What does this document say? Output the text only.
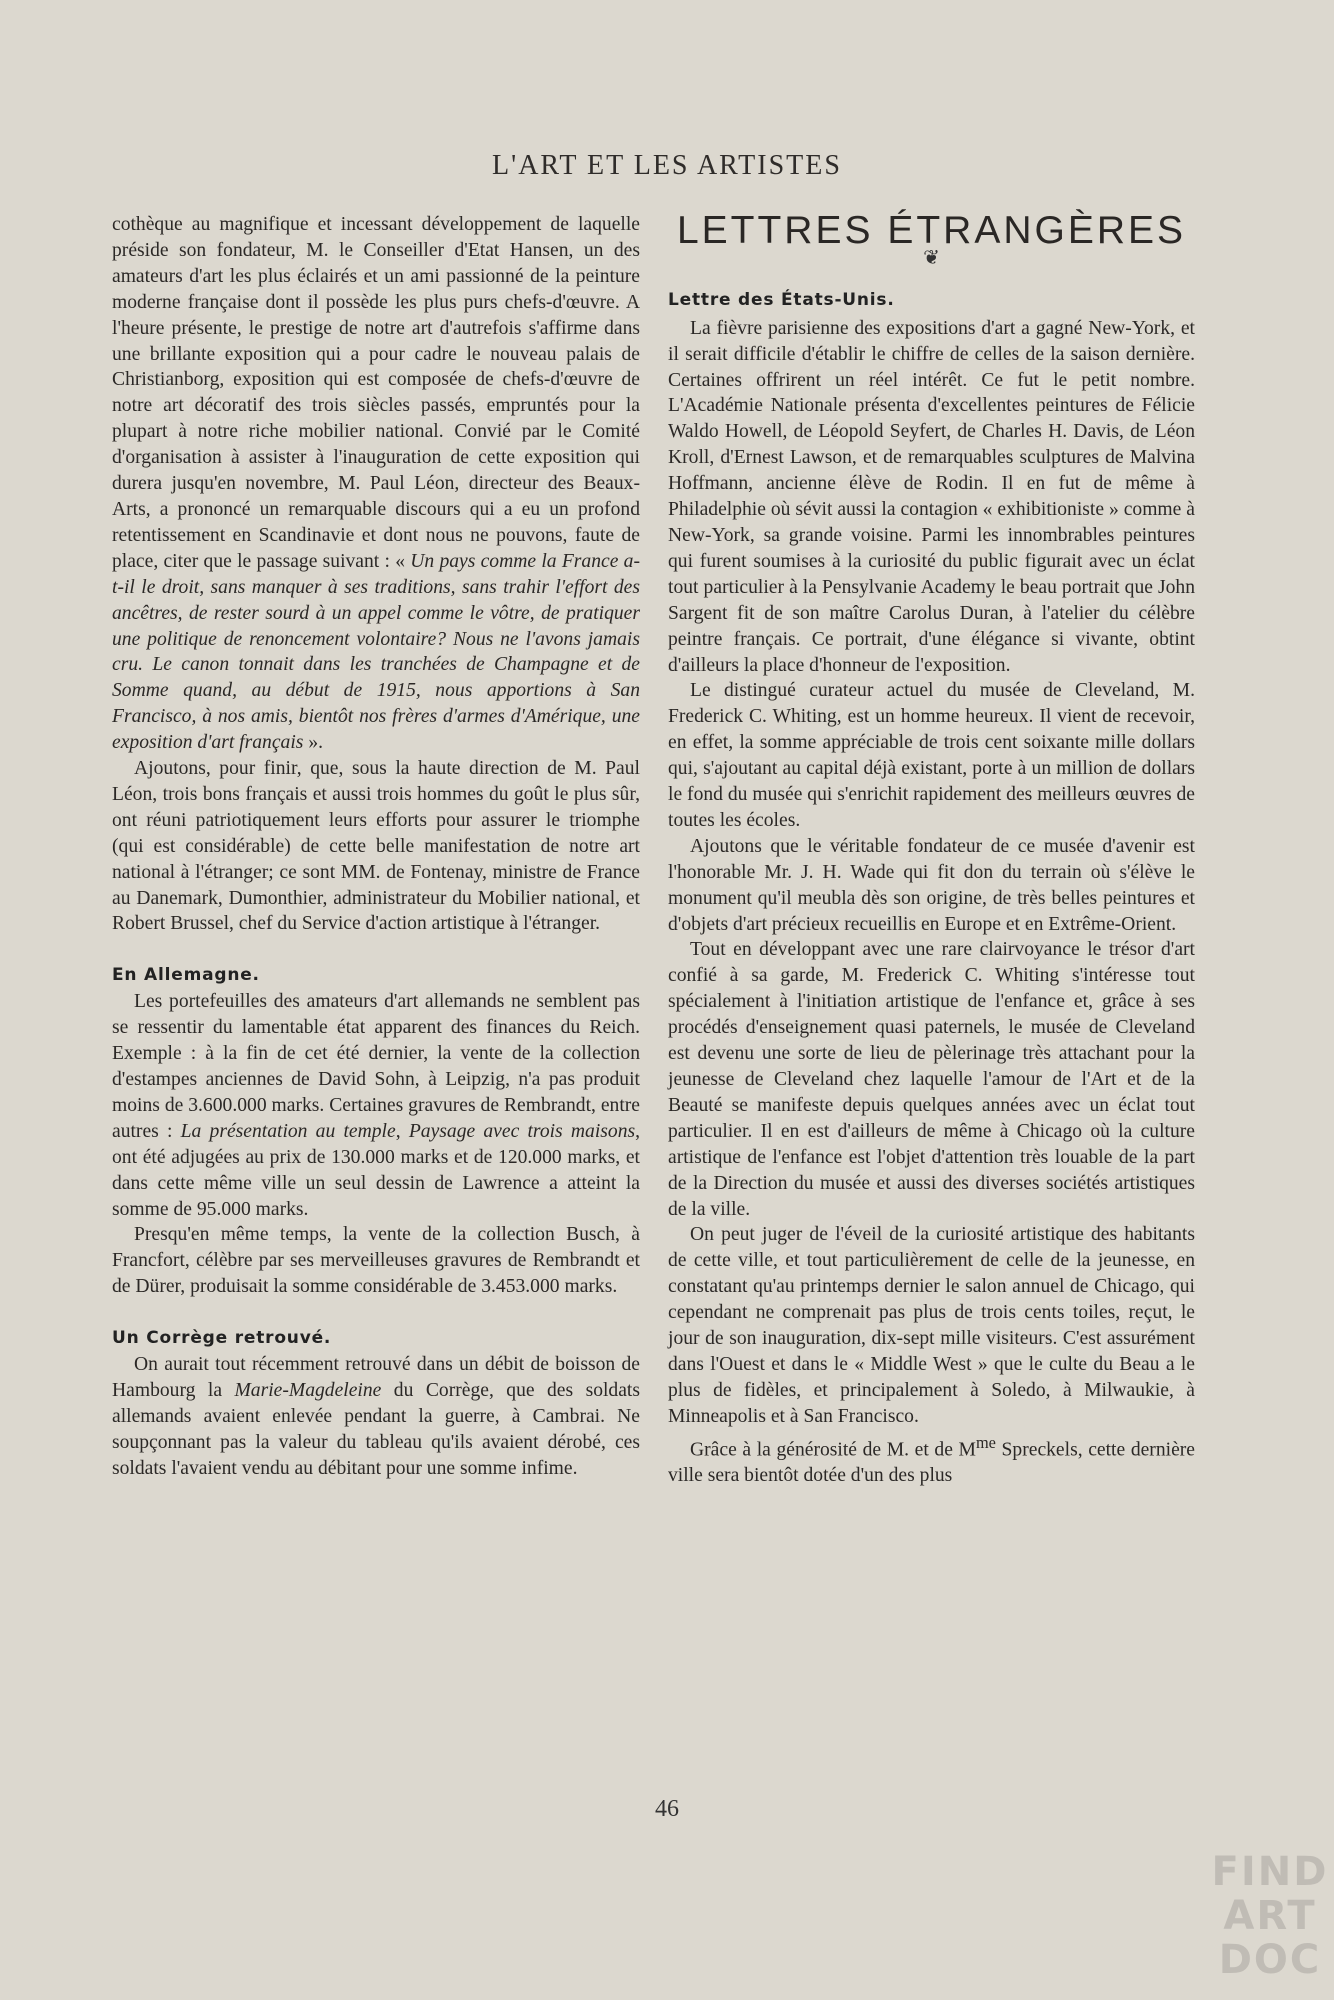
L'ART ET LES ARTISTES

cothèque au magnifique et incessant développement de laquelle préside son fondateur, M. le Conseiller d'Etat Hansen, un des amateurs d'art les plus éclairés et un ami passionné de la peinture moderne française dont il possède les plus purs chefs-d'œuvre. A l'heure présente, le prestige de notre art d'autrefois s'affirme dans une brillante exposition qui a pour cadre le nouveau palais de Christianborg, exposition qui est composée de chefs-d'œuvre de notre art décoratif des trois siècles passés, empruntés pour la plupart à notre riche mobilier national. Convié par le Comité d'organisation à assister à l'inauguration de cette exposition qui durera jusqu'en novembre, M. Paul Léon, directeur des Beaux-Arts, a prononcé un remarquable discours qui a eu un profond retentissement en Scandinavie et dont nous ne pouvons, faute de place, citer que le passage suivant : « Un pays comme la France a-t-il le droit, sans manquer à ses traditions, sans trahir l'effort des ancêtres, de rester sourd à un appel comme le vôtre, de pratiquer une politique de renoncement volontaire? Nous ne l'avons jamais cru. Le canon tonnait dans les tranchées de Champagne et de Somme quand, au début de 1915, nous apportions à San Francisco, à nos amis, bientôt nos frères d'armes d'Amérique, une exposition d'art français ».

Ajoutons, pour finir, que, sous la haute direction de M. Paul Léon, trois bons français et aussi trois hommes du goût le plus sûr, ont réuni patriotiquement leurs efforts pour assurer le triomphe (qui est considérable) de cette belle manifestation de notre art national à l'étranger; ce sont MM. de Fontenay, ministre de France au Danemark, Dumonthier, administrateur du Mobilier national, et Robert Brussel, chef du Service d'action artistique à l'étranger.

En Allemagne.

Les portefeuilles des amateurs d'art allemands ne semblent pas se ressentir du lamentable état apparent des finances du Reich. Exemple : à la fin de cet été dernier, la vente de la collection d'estampes anciennes de David Sohn, à Leipzig, n'a pas produit moins de 3.600.000 marks. Certaines gravures de Rembrandt, entre autres : La présentation au temple, Paysage avec trois maisons, ont été adjugées au prix de 130.000 marks et de 120.000 marks, et dans cette même ville un seul dessin de Lawrence a atteint la somme de 95.000 marks.

Presqu'en même temps, la vente de la collection Busch, à Francfort, célèbre par ses merveilleuses gravures de Rembrandt et de Dürer, produisait la somme considérable de 3.453.000 marks.

Un Corrège retrouvé.

On aurait tout récemment retrouvé dans un débit de boisson de Hambourg la Marie-Magdeleine du Corrège, que des soldats allemands avaient enlevée pendant la guerre, à Cambrai. Ne soupçonnant pas la valeur du tableau qu'ils avaient dérobé, ces soldats l'avaient vendu au débitant pour une somme infime.

LETTRES ÉTRANGÈRES
❦
Lettre des États-Unis.

La fièvre parisienne des expositions d'art a gagné New-York, et il serait difficile d'établir le chiffre de celles de la saison dernière. Certaines offrirent un réel intérêt. Ce fut le petit nombre. L'Académie Nationale présenta d'excellentes peintures de Félicie Waldo Howell, de Léopold Seyfert, de Charles H. Davis, de Léon Kroll, d'Ernest Lawson, et de remarquables sculptures de Malvina Hoffmann, ancienne élève de Rodin. Il en fut de même à Philadelphie où sévit aussi la contagion « exhibitioniste » comme à New-York, sa grande voisine. Parmi les innombrables peintures qui furent soumises à la curiosité du public figurait avec un éclat tout particulier à la Pensylvanie Academy le beau portrait que John Sargent fit de son maître Carolus Duran, à l'atelier du célèbre peintre français. Ce portrait, d'une élégance si vivante, obtint d'ailleurs la place d'honneur de l'exposition.

Le distingué curateur actuel du musée de Cleveland, M. Frederick C. Whiting, est un homme heureux. Il vient de recevoir, en effet, la somme appréciable de trois cent soixante mille dollars qui, s'ajoutant au capital déjà existant, porte à un million de dollars le fond du musée qui s'enrichit rapidement des meilleurs œuvres de toutes les écoles.

Ajoutons que le véritable fondateur de ce musée d'avenir est l'honorable Mr. J. H. Wade qui fit don du terrain où s'élève le monument qu'il meubla dès son origine, de très belles peintures et d'objets d'art précieux recueillis en Europe et en Extrême-Orient.

Tout en développant avec une rare clairvoyance le trésor d'art confié à sa garde, M. Frederick C. Whiting s'intéresse tout spécialement à l'initiation artistique de l'enfance et, grâce à ses procédés d'enseignement quasi paternels, le musée de Cleveland est devenu une sorte de lieu de pèlerinage très attachant pour la jeunesse de Cleveland chez laquelle l'amour de l'Art et de la Beauté se manifeste depuis quelques années avec un éclat tout particulier. Il en est d'ailleurs de même à Chicago où la culture artistique de l'enfance est l'objet d'attention très louable de la part de la Direction du musée et aussi des diverses sociétés artistiques de la ville.

On peut juger de l'éveil de la curiosité artistique des habitants de cette ville, et tout particulièrement de celle de la jeunesse, en constatant qu'au printemps dernier le salon annuel de Chicago, qui cependant ne comprenait pas plus de trois cents toiles, reçut, le jour de son inauguration, dix-sept mille visiteurs. C'est assurément dans l'Ouest et dans le « Middle West » que le culte du Beau a le plus de fidèles, et principalement à Soledo, à Milwaukie, à Minneapolis et à San Francisco.

Grâce à la générosité de M. et de $M^{me}$ Spreckels, cette dernière ville sera bientôt dotée d'un des plus

46
FIND
ART
DOC
